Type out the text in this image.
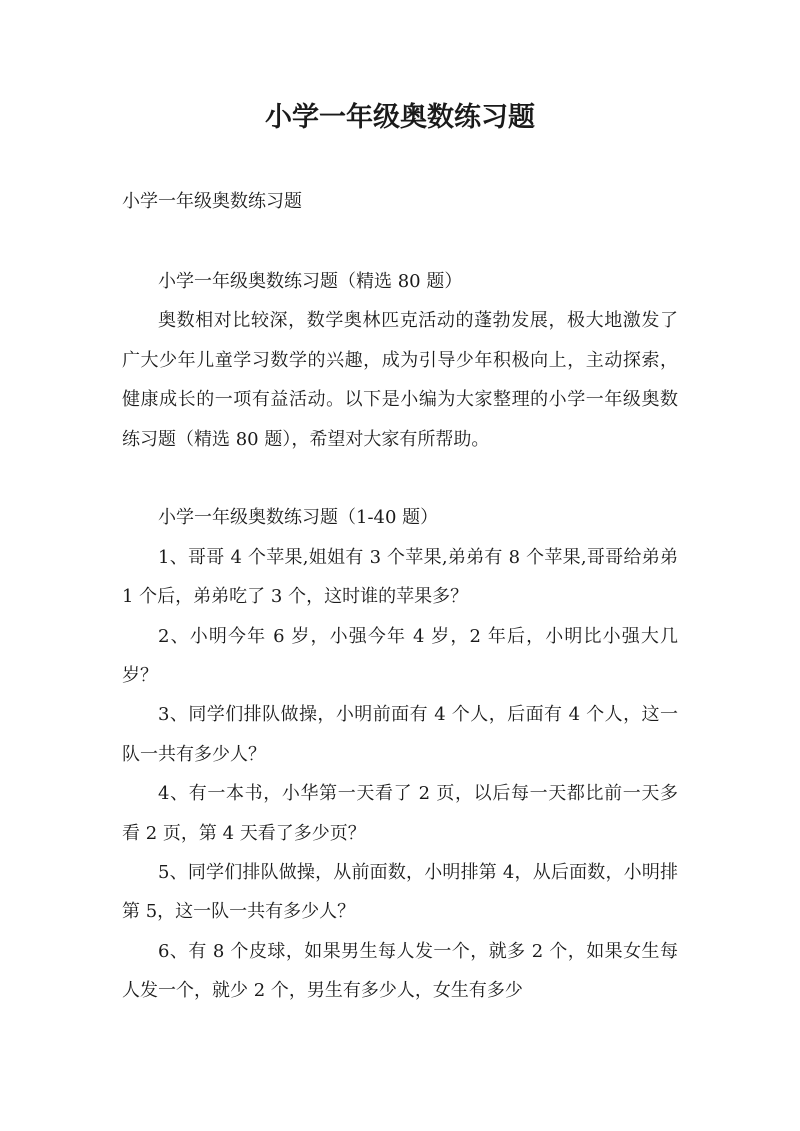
小学一年级奥数练习题
小学一年级奥数练习题

小学一年级奥数练习题（精选 80 题）

奥数相对比较深，数学奥林匹克活动的蓬勃发展，极大地激发了广大少年儿童学习数学的兴趣，成为引导少年积极向上，主动探索，健康成长的一项有益活动。以下是小编为大家整理的小学一年级奥数练习题（精选 80 题），希望对大家有所帮助。

小学一年级奥数练习题（1-40 题）

1、哥哥 4 个苹果,姐姐有 3 个苹果,弟弟有 8 个苹果,哥哥给弟弟 1 个后，弟弟吃了 3 个，这时谁的苹果多？

2、小明今年 6 岁，小强今年 4 岁，2 年后，小明比小强大几岁？

3、同学们排队做操，小明前面有 4 个人，后面有 4 个人，这一队一共有多少人？

4、有一本书，小华第一天看了 2 页，以后每一天都比前一天多看 2 页，第 4 天看了多少页？

5、同学们排队做操，从前面数，小明排第 4，从后面数，小明排第 5，这一队一共有多少人？

6、有 8 个皮球，如果男生每人发一个，就多 2 个，如果女生每人发一个，就少 2 个，男生有多少人，女生有多少
